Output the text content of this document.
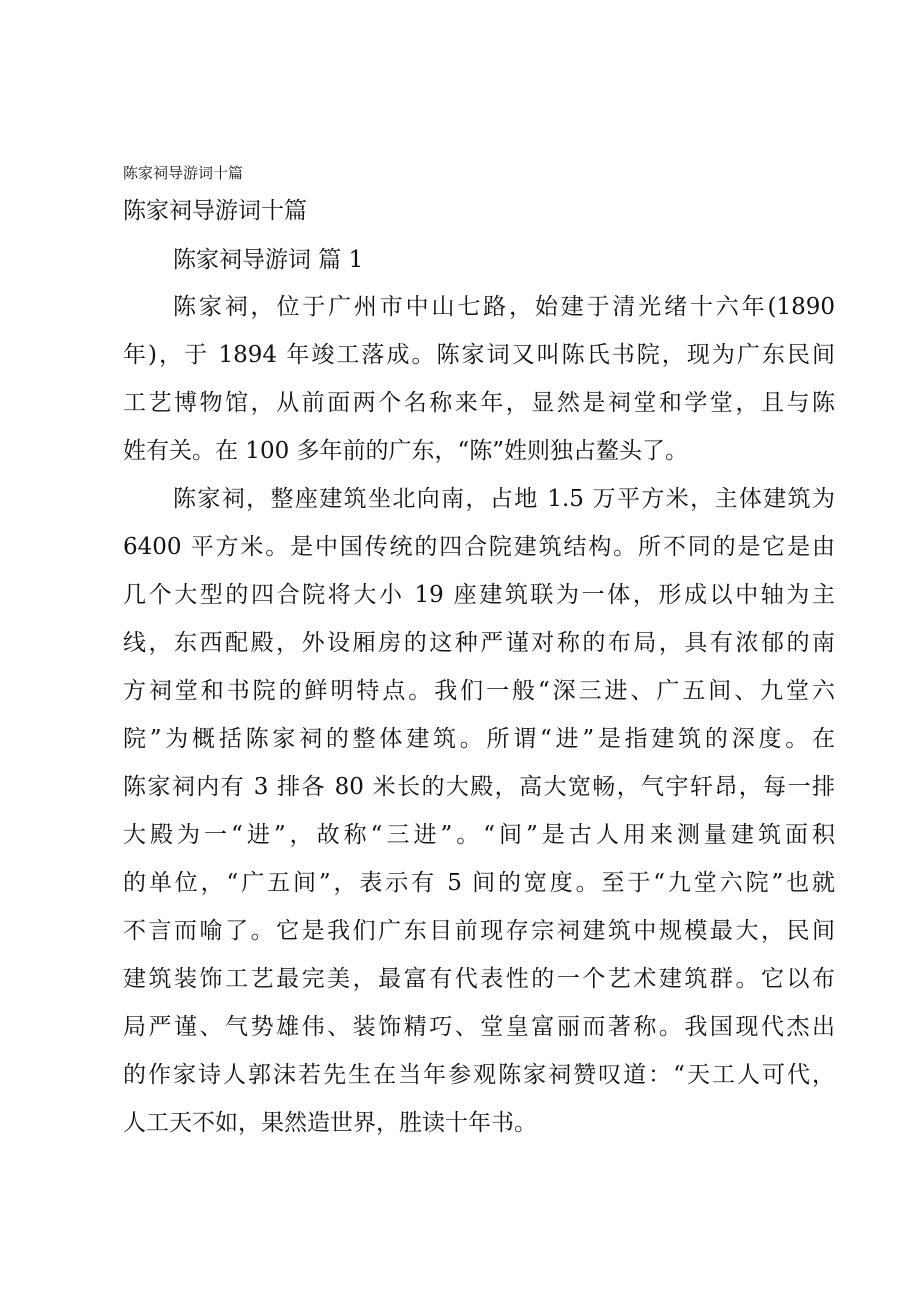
陈家祠导游词十篇
陈家祠导游词十篇
陈家祠导游词 篇 1
陈家祠，位于广州市中山七路，始建于清光绪十六年(1890
年)，于 1894 年竣工落成。陈家词又叫陈氏书院，现为广东民间
工艺博物馆，从前面两个名称来年，显然是祠堂和学堂，且与陈
姓有关。在 100 多年前的广东，“陈”姓则独占鳌头了。
陈家祠，整座建筑坐北向南，占地 1.5 万平方米，主体建筑为
6400 平方米。是中国传统的四合院建筑结构。所不同的是它是由
几个大型的四合院将大小 19 座建筑联为一体，形成以中轴为主
线，东西配殿，外设厢房的这种严谨对称的布局，具有浓郁的南
方祠堂和书院的鲜明特点。我们一般“深三进、广五间、九堂六
院”为概括陈家祠的整体建筑。所谓“进”是指建筑的深度。在
陈家祠内有 3 排各 80 米长的大殿，高大宽畅，气宇轩昂，每一排
大殿为一“进”，故称“三进”。“间”是古人用来测量建筑面积
的单位，“广五间”，表示有 5 间的宽度。至于“九堂六院”也就
不言而喻了。它是我们广东目前现存宗祠建筑中规模最大，民间
建筑装饰工艺最完美，最富有代表性的一个艺术建筑群。它以布
局严谨、气势雄伟、装饰精巧、堂皇富丽而著称。我国现代杰出
的作家诗人郭沫若先生在当年参观陈家祠赞叹道：“天工人可代，
人工天不如，果然造世界，胜读十年书。
